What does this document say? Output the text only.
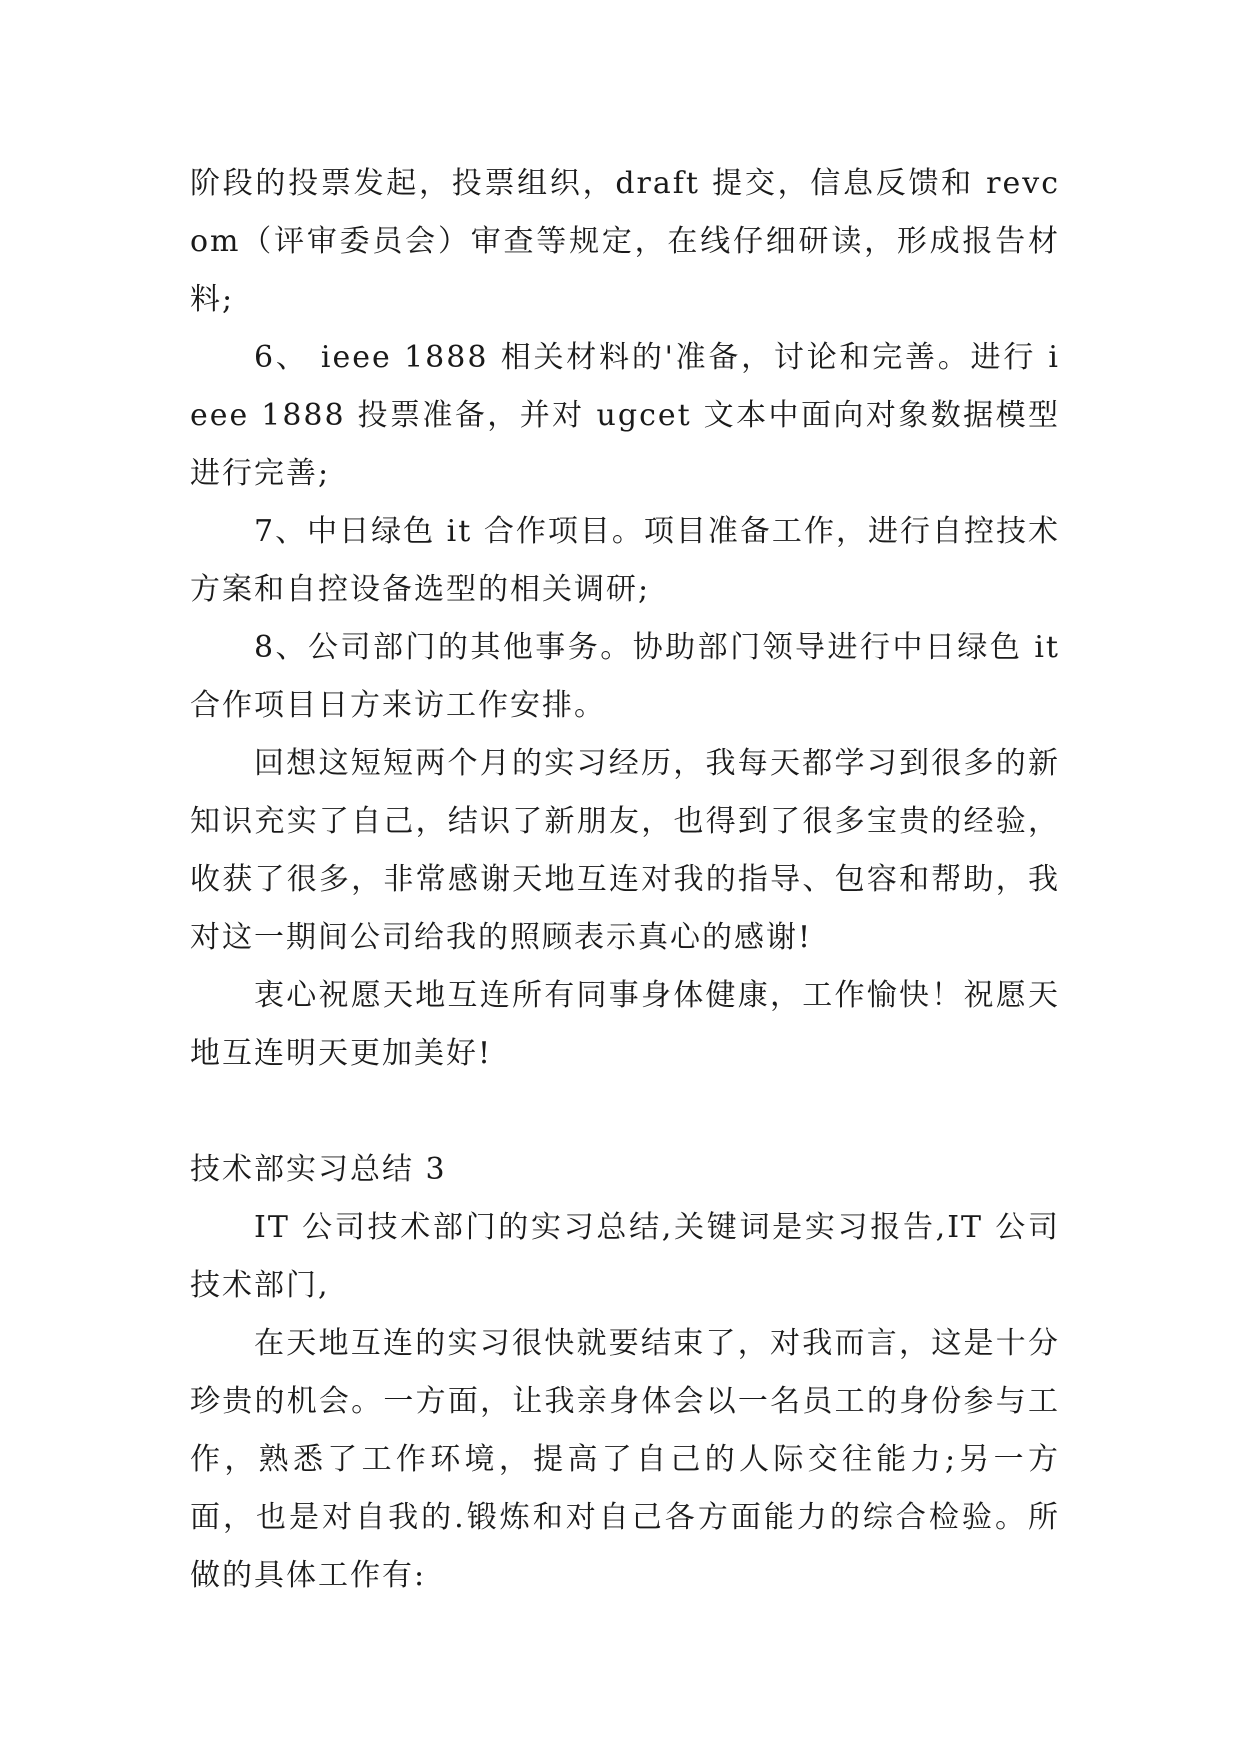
阶段的投票发起，投票组织，draft 提交，信息反馈和 revcom（评审委员会）审查等规定，在线仔细研读，形成报告材料;

6、 ieee 1888 相关材料的'准备，讨论和完善。进行 ieee 1888 投票准备，并对 ugcet 文本中面向对象数据模型进行完善;

7、中日绿色 it 合作项目。项目准备工作，进行自控技术方案和自控设备选型的相关调研;

8、公司部门的其他事务。协助部门领导进行中日绿色 it 合作项目日方来访工作安排。

回想这短短两个月的实习经历，我每天都学习到很多的新知识充实了自己，结识了新朋友，也得到了很多宝贵的经验，收获了很多，非常感谢天地互连对我的指导、包容和帮助，我对这一期间公司给我的照顾表示真心的感谢!

衷心祝愿天地互连所有同事身体健康，工作愉快！祝愿天地互连明天更加美好!

技术部实习总结 3

IT 公司技术部门的实习总结,关键词是实习报告,IT 公司技术部门,

在天地互连的实习很快就要结束了，对我而言，这是十分珍贵的机会。一方面，让我亲身体会以一名员工的身份参与工作，熟悉了工作环境，提高了自己的人际交往能力;另一方面，也是对自我的.锻炼和对自己各方面能力的综合检验。所做的具体工作有:
